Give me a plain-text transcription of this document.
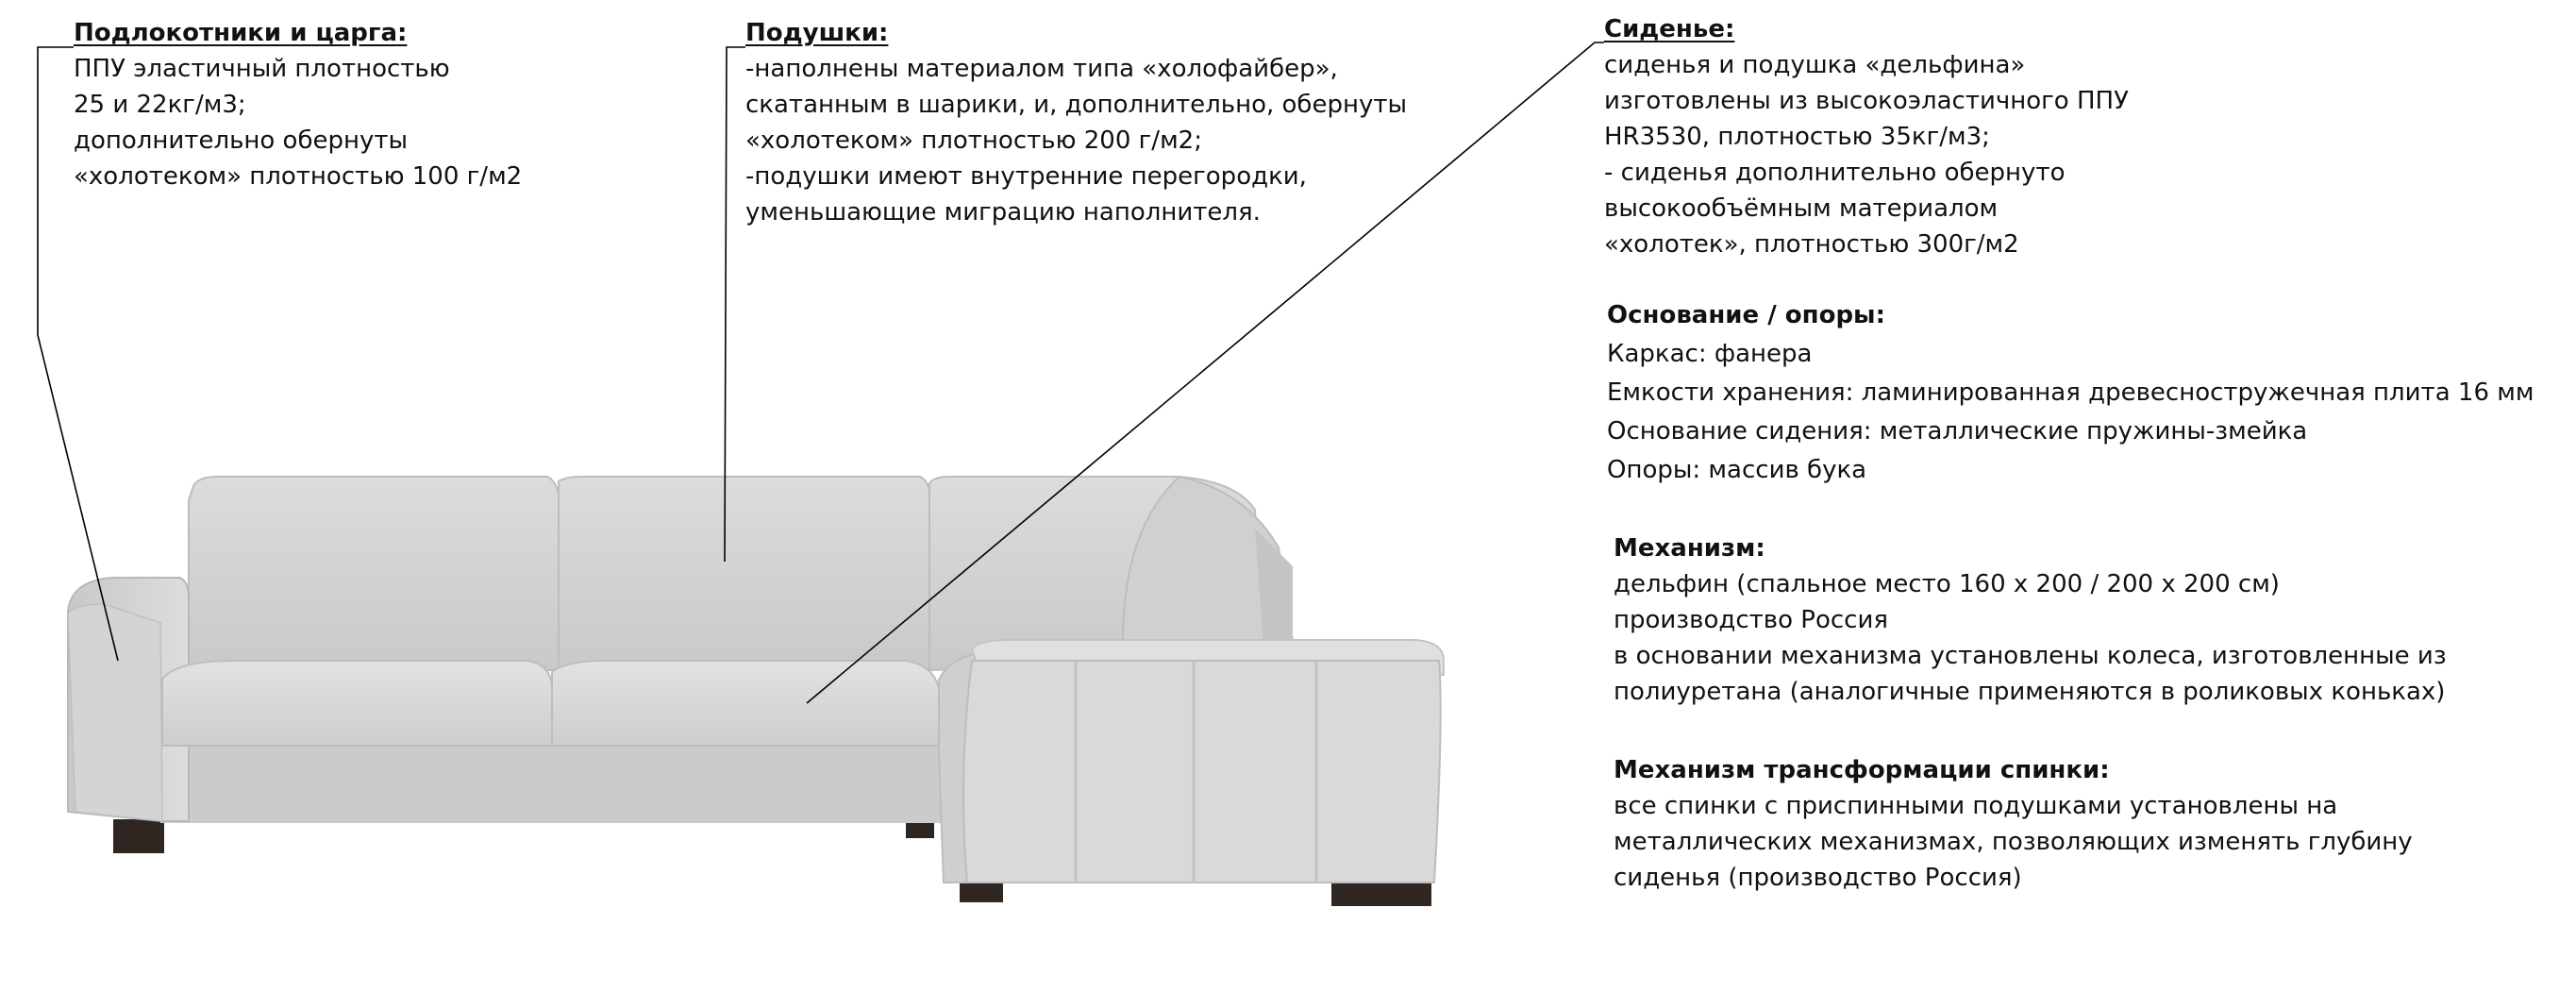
Подлокотники и царга:
ППУ эластичный плотностью
25 и 22кг/м3;
дополнительно обернуты
«холотеком» плотностью 100 г/м2
Подушки:
-наполнены материалом типа «холофайбер»,
скатанным в шарики, и, дополнительно, обернуты
«холотеком» плотностью 200 г/м2;
-подушки имеют внутренние перегородки,
уменьшающие миграцию наполнителя.
Сиденье:
сиденья и подушка «дельфина»
изготовлены из высокоэластичного ППУ
HR3530, плотностью 35кг/м3;
- сиденья дополнительно обернуто
высокообъёмным материалом
«холотек», плотностью 300г/м2
Основание / опоры:
Каркас: фанера
Емкости хранения: ламинированная древесностружечная плита 16 мм
Основание сидения: металлические пружины-змейка
Опоры: массив бука
Механизм:
дельфин (спальное место 160 х 200 / 200 х 200 см)
производство Россия
в основании механизма установлены колеса, изготовленные из
полиуретана (аналогичные применяются в роликовых коньках)
Механизм трансформации спинки:
все спинки с приспинными подушками установлены на
металлических механизмах, позволяющих изменять глубину
сиденья (производство Россия)
